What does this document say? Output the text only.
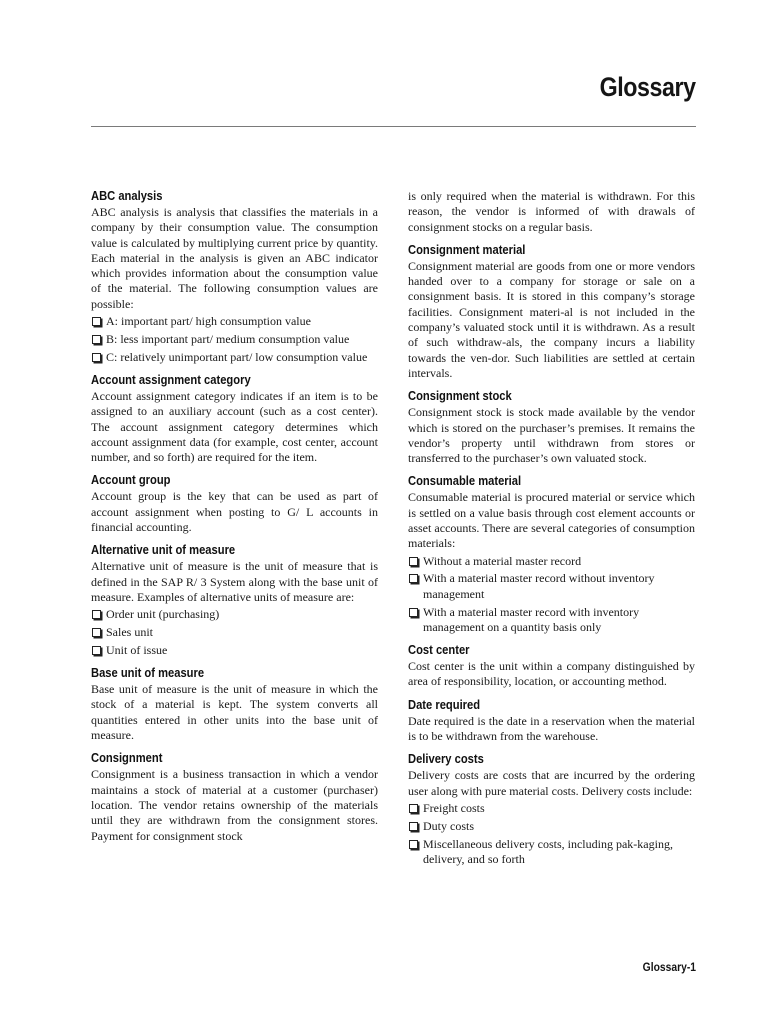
Glossary
ABC analysis

ABC analysis is analysis that classifies the materials in a company by their consumption value. The consumption value is calculated by multiplying current price by quantity. Each material in the analysis is given an ABC indicator which provides information about the consumption value of the material. The following consumption values are possible:

A: important part/ high consumption value
B: less important part/ medium consumption value
C: relatively unimportant part/ low consumption value
Account assignment category

Account assignment category indicates if an item is to be assigned to an auxiliary account (such as a cost center). The account assignment category determines which account assignment data (for example, cost center, account number, and so forth) are required for the item.

Account group

Account group is the key that can be used as part of account assignment when posting to G/ L accounts in financial accounting.

Alternative unit of measure

Alternative unit of measure is the unit of measure that is defined in the SAP R/ 3 System along with the base unit of measure. Examples of alternative units of measure are:

Order unit (purchasing)
Sales unit
Unit of issue
Base unit of measure

Base unit of measure is the unit of measure in which the stock of a material is kept. The system converts all quantities entered in other units into the base unit of measure.

Consignment

Consignment is a business transaction in which a vendor maintains a stock of material at a customer (purchaser) location. The vendor retains ownership of the materials until they are withdrawn from the consignment stores. Payment for consignment stock

is only required when the material is withdrawn. For this reason, the vendor is informed of with drawals of consignment stocks on a regular basis.

Consignment material

Consignment material are goods from one or more vendors handed over to a company for storage or sale on a consignment basis. It is stored in this company’s storage facilities. Consignment materi-al is not included in the company’s valuated stock until it is withdrawn. As a result of such withdraw-als, the company incurs a liability towards the ven-dor. Such liabilities are settled at certain intervals.

Consignment stock

Consignment stock is stock made available by the vendor which is stored on the purchaser’s premises. It remains the vendor’s property until withdrawn from stores or transferred to the purchaser’s own valuated stock.

Consumable material

Consumable material is procured material or service which is settled on a value basis through cost element accounts or asset accounts. There are several categories of consumption materials:

Without a material master record
With a material master record without inventory management
With a material master record with inventory management on a quantity basis only
Cost center

Cost center is the unit within a company distinguished by area of responsibility, location, or accounting method.

Date required

Date required is the date in a reservation when the material is to be withdrawn from the warehouse.

Delivery costs

Delivery costs are costs that are incurred by the ordering user along with pure material costs. Delivery costs include:

Freight costs
Duty costs
Miscellaneous delivery costs, including pak-kaging, delivery, and so forth

Glossary-1
